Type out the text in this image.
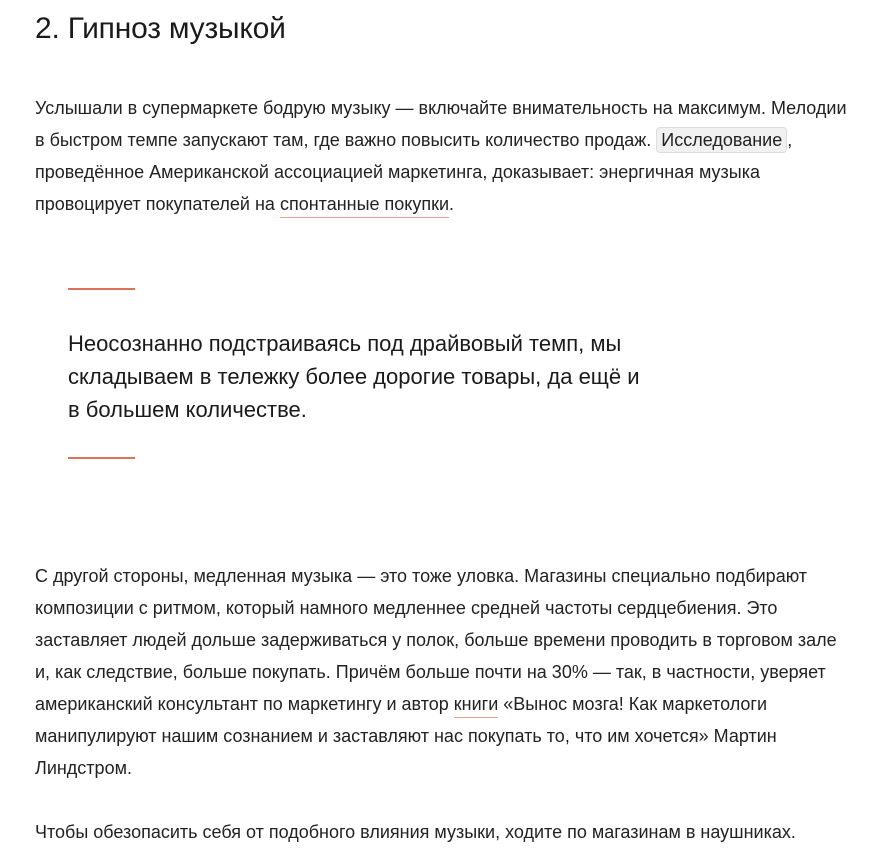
2. Гипноз музыкой

Услышали в супермаркете бодрую музыку — включайте внимательность на максимум. Мелодии в быстром темпе запускают там, где важно повысить количество продаж. Исследование , проведённое Американской ассоциацией маркетинга, доказывает: энергичная музыка провоцирует покупателей на спонтанные покупки.

Неосознанно подстраиваясь под драйвовый темп, мы складываем в тележку более дорогие товары, да ещё и в большем количестве.

С другой стороны, медленная музыка — это тоже уловка. Магазины специально подбирают композиции с ритмом, который намного медленнее средней частоты сердцебиения. Это заставляет людей дольше задерживаться у полок, больше времени проводить в торговом зале и, как следствие, больше покупать. Причём больше почти на 30% — так, в частности, уверяет американский консультант по маркетингу и автор книги «Вынос мозга! Как маркетологи манипулируют нашим сознанием и заставляют нас покупать то, что им хочется» Мартин Линдстром.

Чтобы обезопасить себя от подобного влияния музыки, ходите по магазинам в наушниках.
